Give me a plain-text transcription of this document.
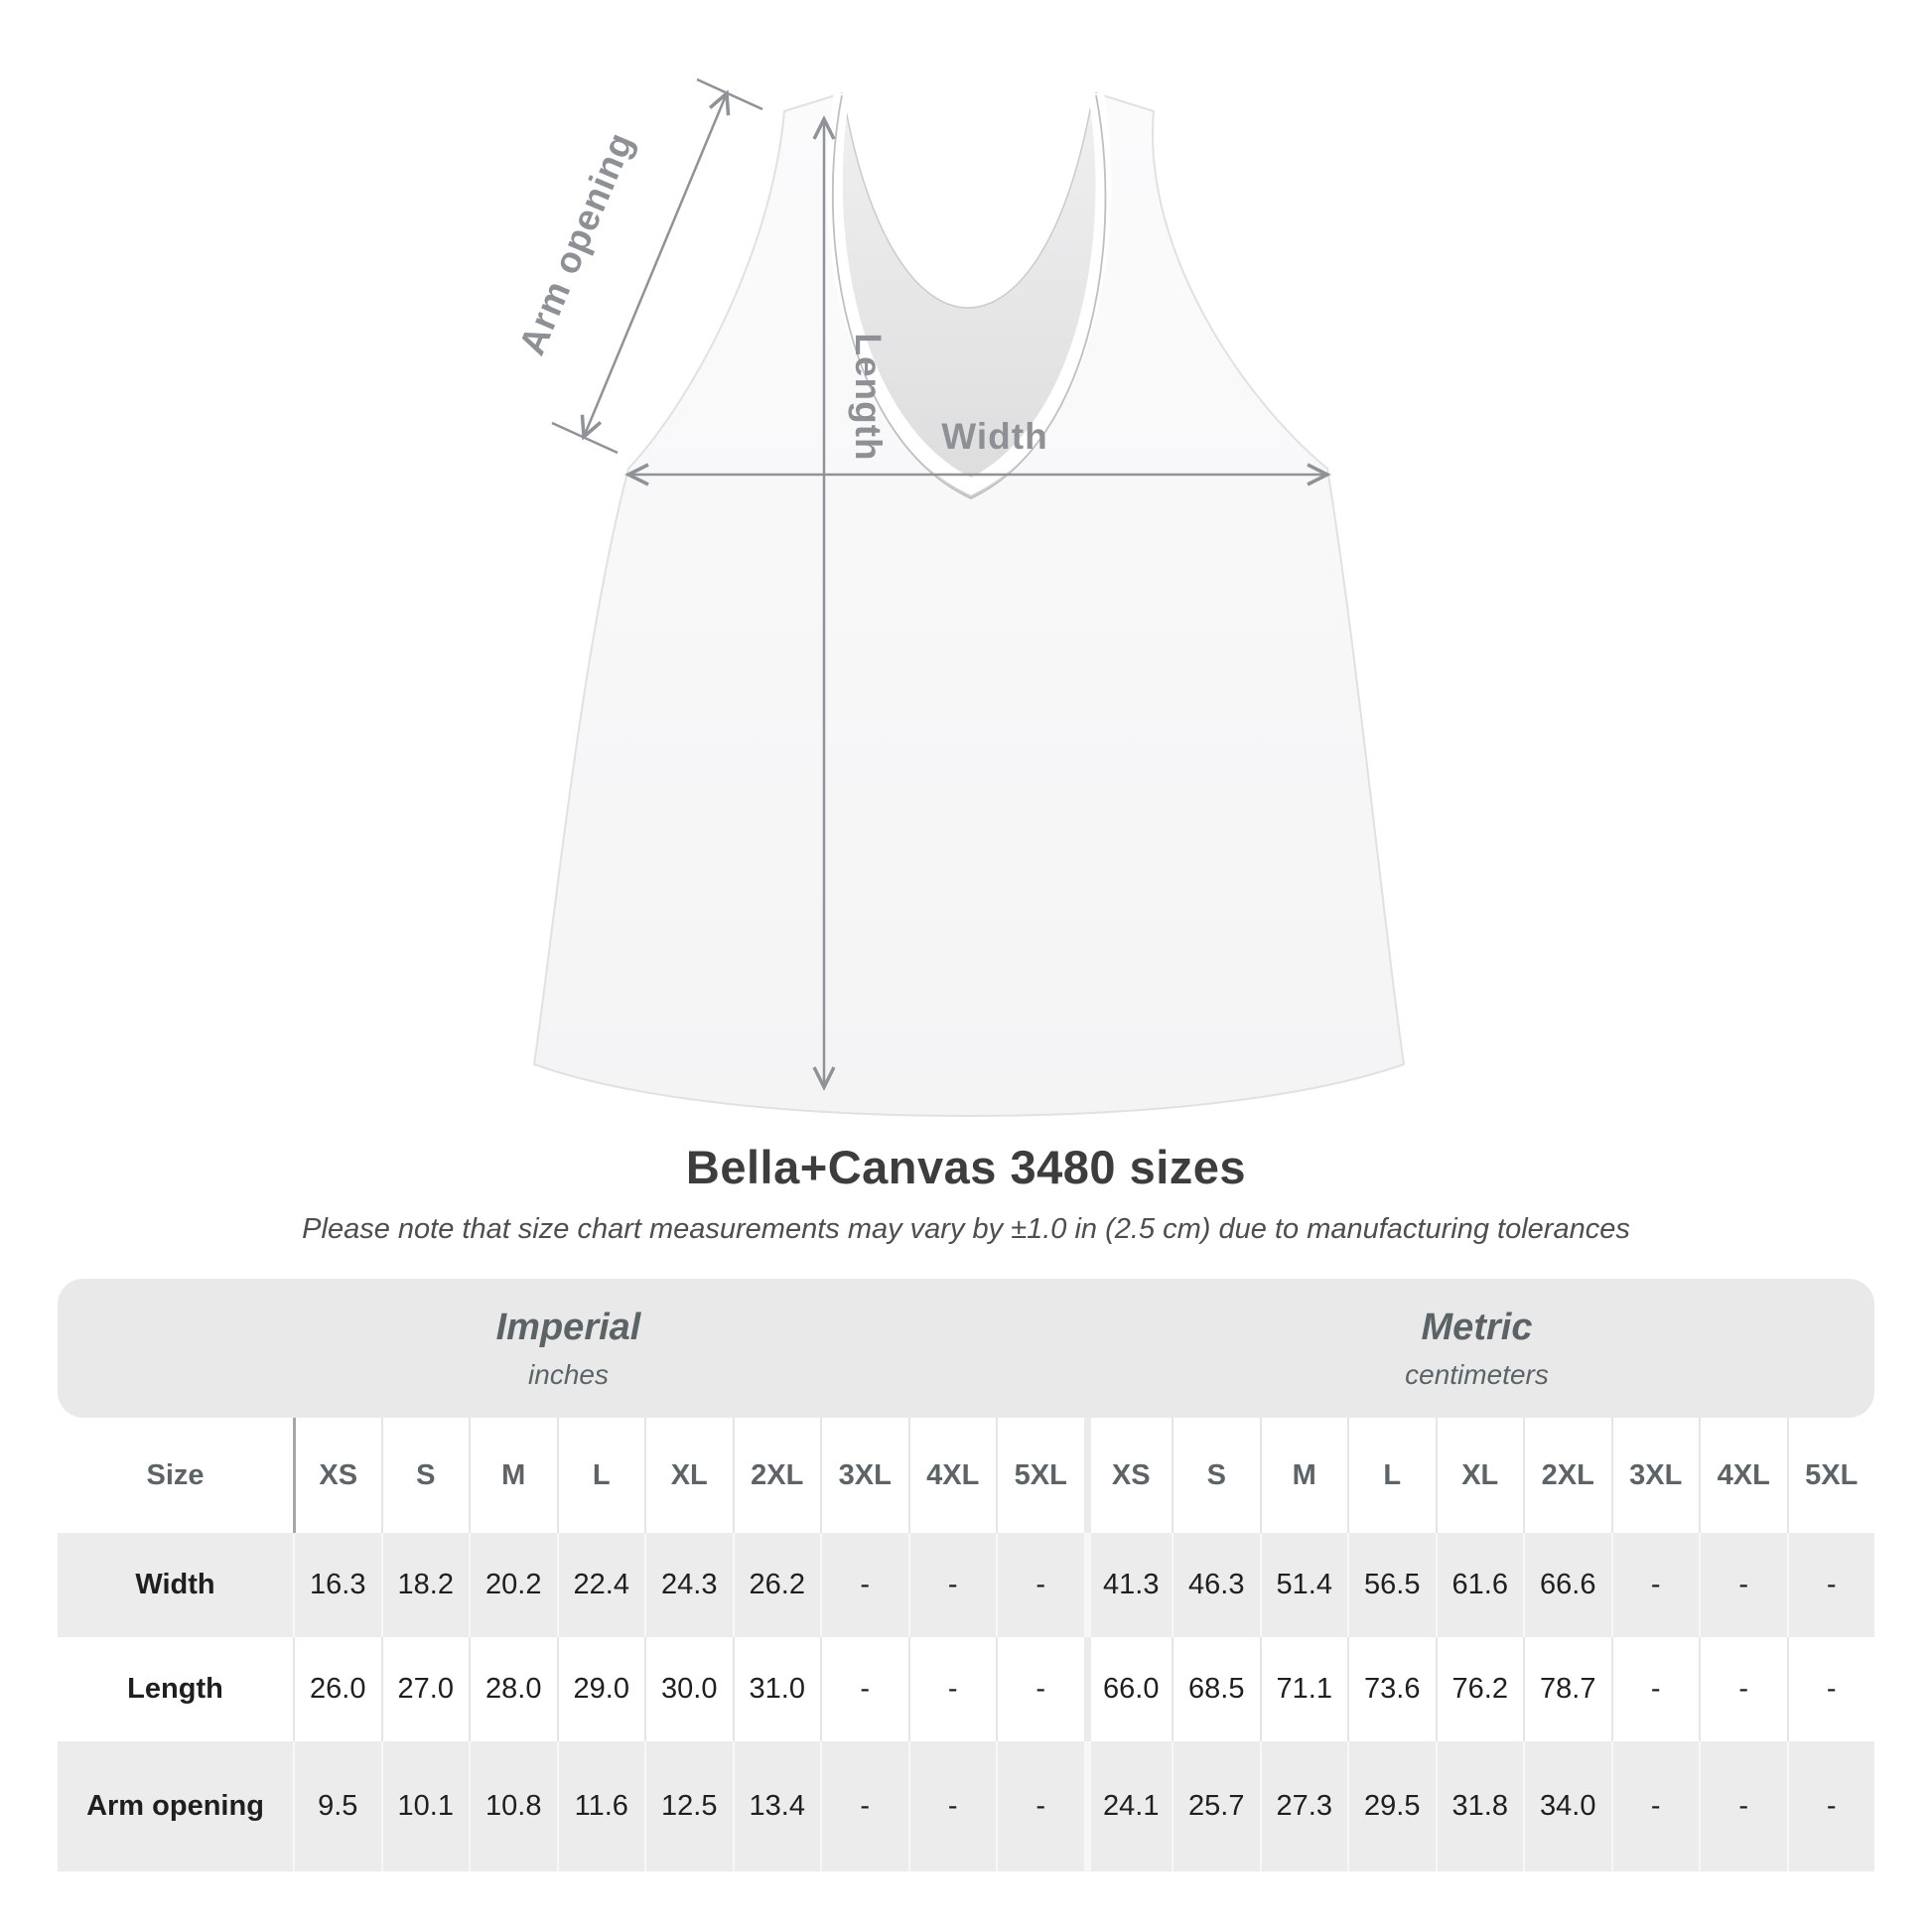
Arm opening
Length Width
Bella+Canvas 3480 sizes
Please note that size chart measurements may vary by ±1.0 in (2.5 cm) due to manufacturing tolerances
Imperial
inches
Metric
centimeters
Size	XS	S	M	L	XL	2XL	3XL	4XL	5XL	XS	S	M	L	XL	2XL	3XL	4XL	5XL
Width	16.3	18.2	20.2	22.4	24.3	26.2	-	-	-	41.3	46.3	51.4	56.5	61.6	66.6	-	-	-
Length	26.0	27.0	28.0	29.0	30.0	31.0	-	-	-	66.0	68.5	71.1	73.6	76.2	78.7	-	-	-
Arm opening	9.5	10.1	10.8	11.6	12.5	13.4	-	-	-	24.1	25.7	27.3	29.5	31.8	34.0	-	-	-
